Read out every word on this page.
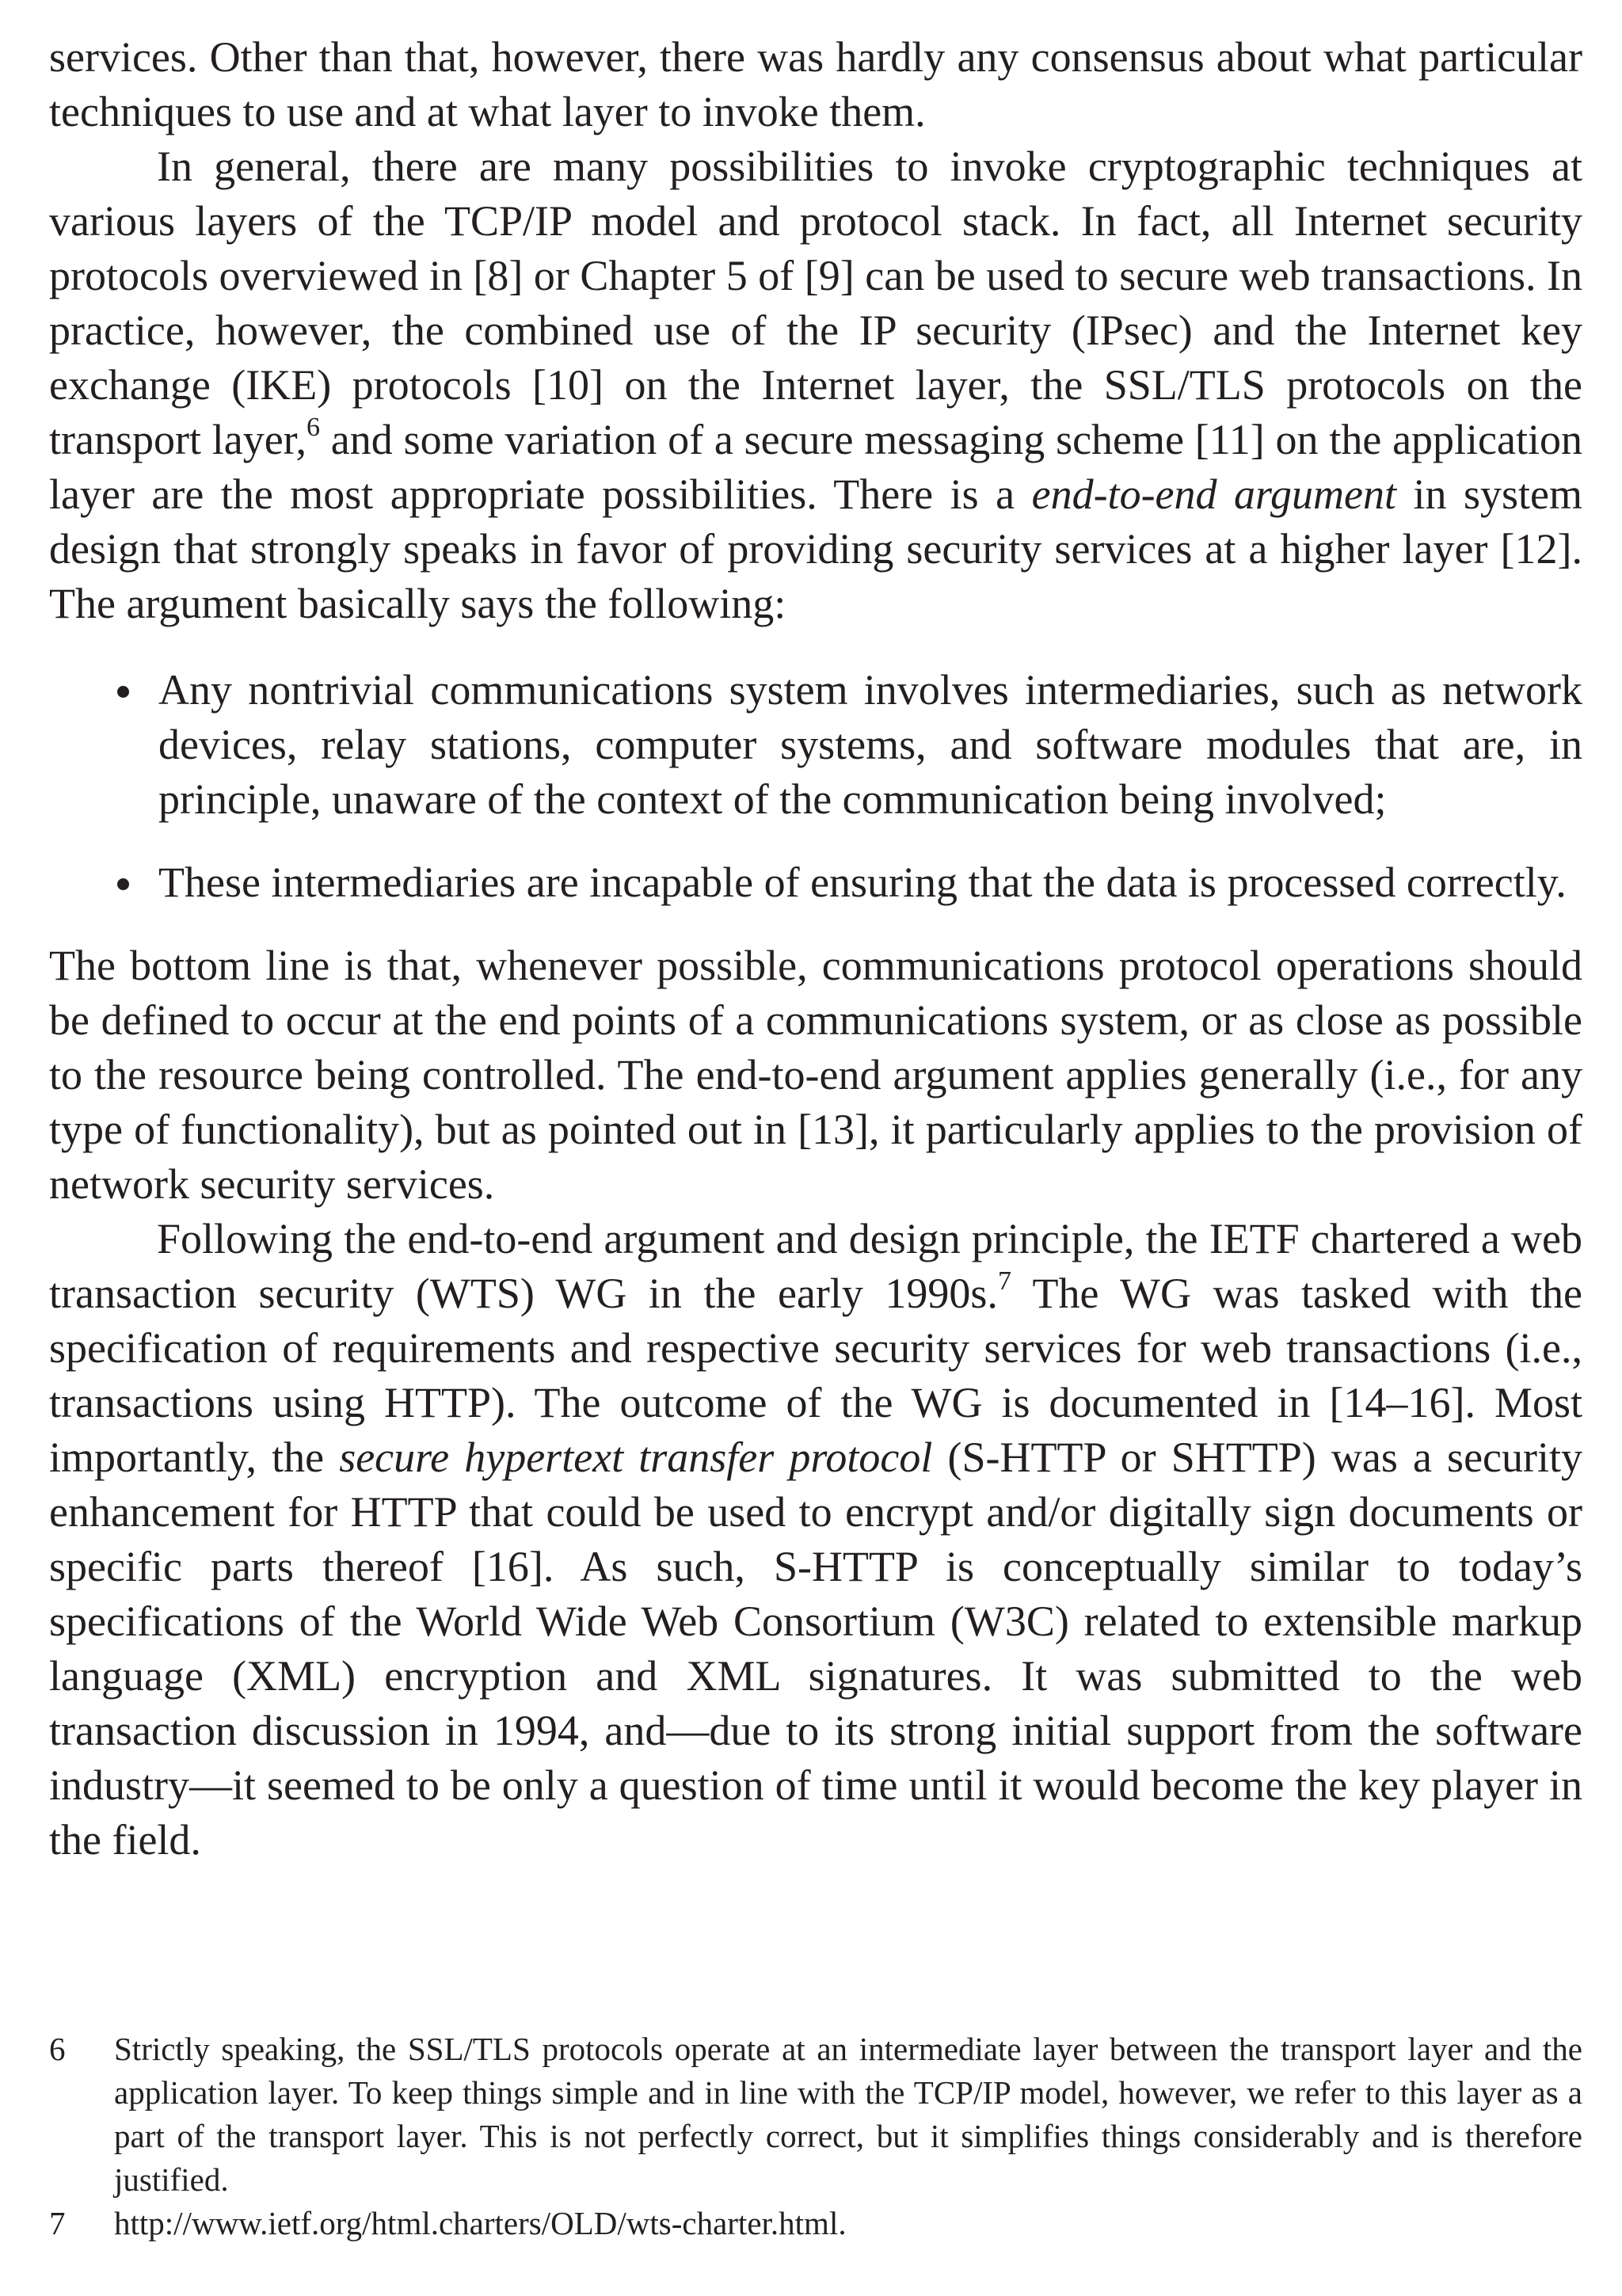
services. Other than that, however, there was hardly any consensus about what particular techniques to use and at what layer to invoke them.

In general, there are many possibilities to invoke cryptographic techniques at various layers of the TCP/IP model and protocol stack. In fact, all Internet security protocols overviewed in [8] or Chapter 5 of [9] can be used to secure web transactions. In practice, however, the combined use of the IP security (IPsec) and the Internet key exchange (IKE) protocols [10] on the Internet layer, the SSL/TLS protocols on the transport layer,$^6$ and some variation of a secure messaging scheme [11] on the application layer are the most appropriate possibilities. There is a end-to-end argument in system design that strongly speaks in favor of providing security services at a higher layer [12]. The argument basically says the following:

Any nontrivial communications system involves intermediaries, such as network devices, relay stations, computer systems, and software modules that are, in principle, unaware of the context of the communication being involved;
These intermediaries are incapable of ensuring that the data is processed correctly.

The bottom line is that, whenever possible, communications protocol operations should be defined to occur at the end points of a communications system, or as close as possible to the resource being controlled. The end-to-end argument applies generally (i.e., for any type of functionality), but as pointed out in [13], it particularly applies to the provision of network security services.

Following the end-to-end argument and design principle, the IETF chartered a web transaction security (WTS) WG in the early 1990s.$^7$ The WG was tasked with the specification of requirements and respective security services for web transactions (i.e., transactions using HTTP). The outcome of the WG is documented in [14–16]. Most importantly, the secure hypertext transfer protocol (S-HTTP or SHTTP) was a security enhancement for HTTP that could be used to encrypt and/or digitally sign documents or specific parts thereof [16]. As such, S-HTTP is conceptually similar to today’s specifications of the World Wide Web Consortium (W3C) related to extensible markup language (XML) encryption and XML signatures. It was submitted to the web transaction discussion in 1994, and—due to its strong initial support from the software industry—it seemed to be only a question of time until it would become the key player in the field.

6 Strictly speaking, the SSL/TLS protocols operate at an intermediate layer between the transport layer and the application layer. To keep things simple and in line with the TCP/IP model, however, we refer to this layer as a part of the transport layer. This is not perfectly correct, but it simplifies things considerably and is therefore justified.
7 http://www.ietf.org/html.charters/OLD/wts-charter.html.
